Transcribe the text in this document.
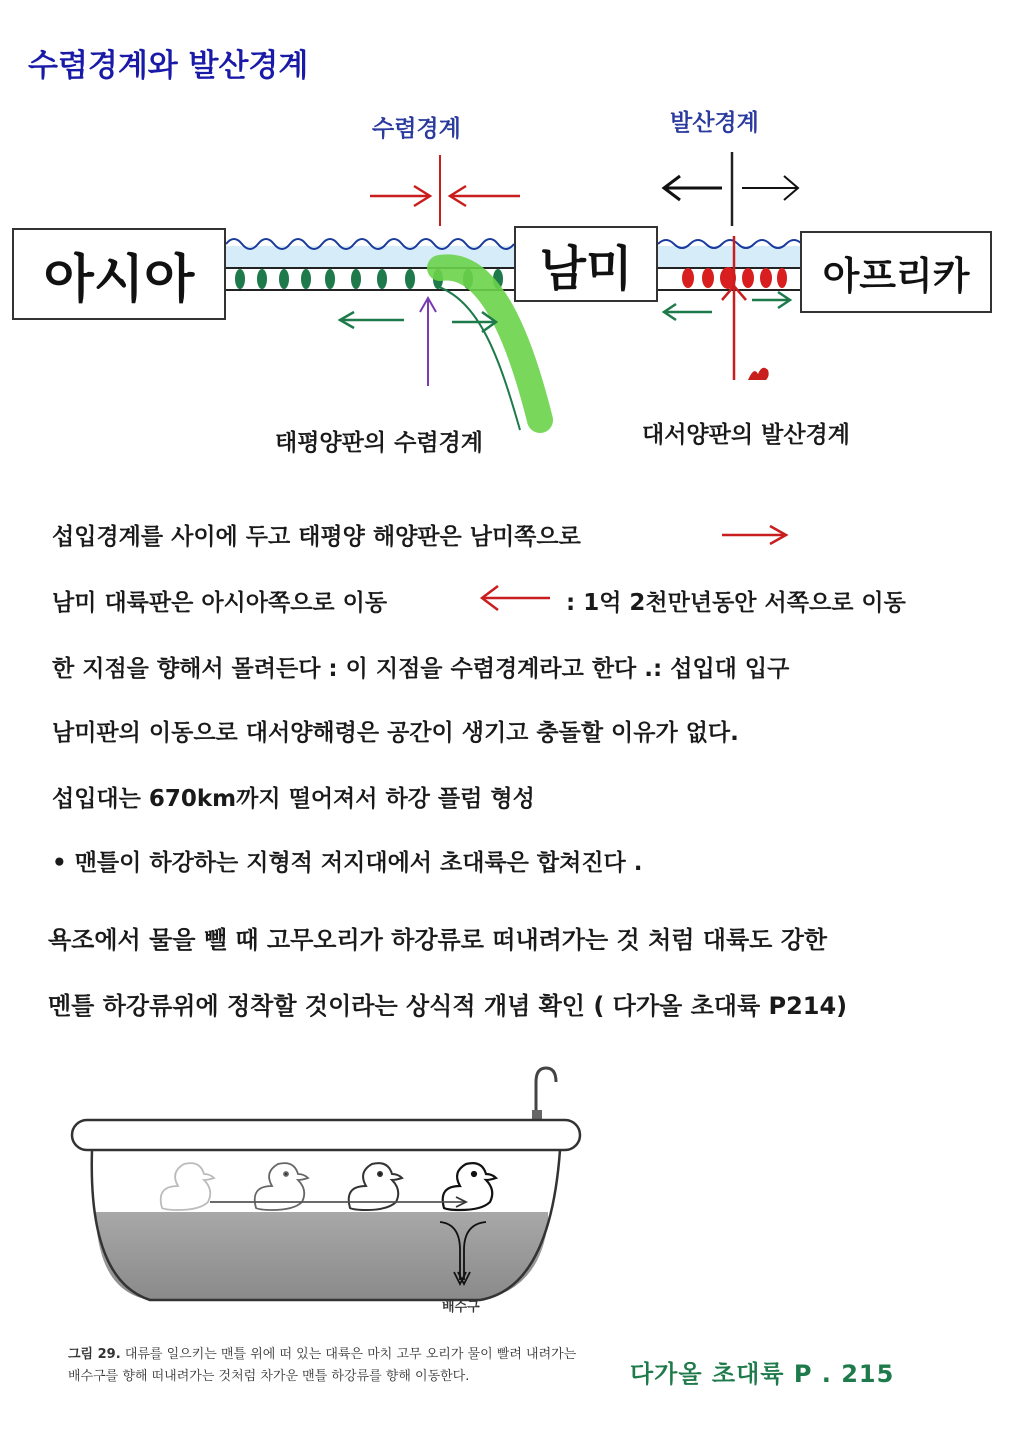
수렴경계와 발산경계
수렴경계	발산경계
아시아	남미	아프리카
태평양판의 수렴경계	대서양판의 발산경계
섭입경계를 사이에 두고 태평양 해양판은 남미쪽으로
남미 대륙판은 아시아쪽으로 이동	: 1억 2천만년동안 서쪽으로 이동
한 지점을 향해서 몰려든다 : 이 지점을 수렴경계라고 한다 .: 섭입대 입구
남미판의 이동으로 대서양해령은 공간이 생기고 충돌할 이유가 없다.
섭입대는 670km까지 떨어져서 하강 플럼 형성
• 맨틀이 하강하는 지형적 저지대에서 초대륙은 합쳐진다 .
욕조에서 물을 뺄 때 고무오리가 하강류로 떠내려가는 것 처럼 대륙도 강한
멘틀 하강류위에 정착할 것이라는 상식적 개념 확인 ( 다가올 초대륙 P214)
배수구
그림 29. 대류를 일으키는 맨틀 위에 떠 있는 대륙은 마치 고무 오리가 물이 빨려 내려가는
배수구를 향해 떠내려가는 것처럼 차가운 맨틀 하강류를 향해 이동한다.	다가올 초대륙 P . 215
